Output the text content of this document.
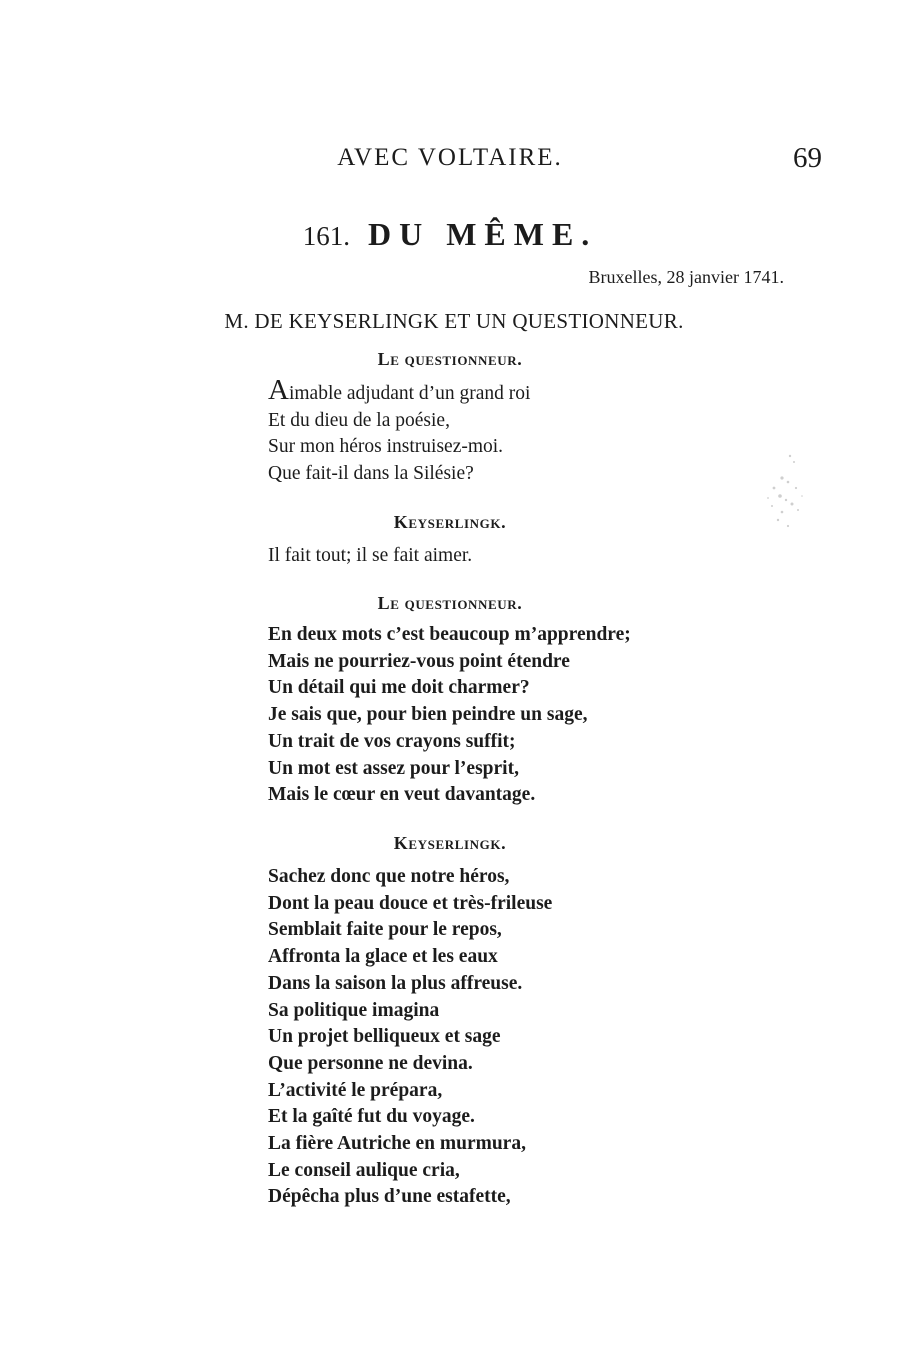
AVEC VOLTAIRE.	69
161. DU MÊME.
Bruxelles, 28 janvier 1741.
M. DE KEYSERLINGK ET UN QUESTIONNEUR.
Le questionneur.
Aimable adjudant d’un grand roi
Et du dieu de la poésie,
Sur mon héros instruisez-moi.
Que fait-il dans la Silésie?
Keyserlingk.
Il fait tout; il se fait aimer.
Le questionneur.
En deux mots c’est beaucoup m’apprendre;
Mais ne pourriez-vous point étendre
Un détail qui me doit charmer?
Je sais que, pour bien peindre un sage,
Un trait de vos crayons suffit;
Un mot est assez pour l’esprit,
Mais le cœur en veut davantage.
Keyserlingk.
Sachez donc que notre héros,
Dont la peau douce et très-frileuse
Semblait faite pour le repos,
Affronta la glace et les eaux
Dans la saison la plus affreuse.
Sa politique imagina
Un projet belliqueux et sage
Que personne ne devina.
L’activité le prépara,
Et la gaîté fut du voyage.
La fière Autriche en murmura,
Le conseil aulique cria,
Dépêcha plus d’une estafette,
